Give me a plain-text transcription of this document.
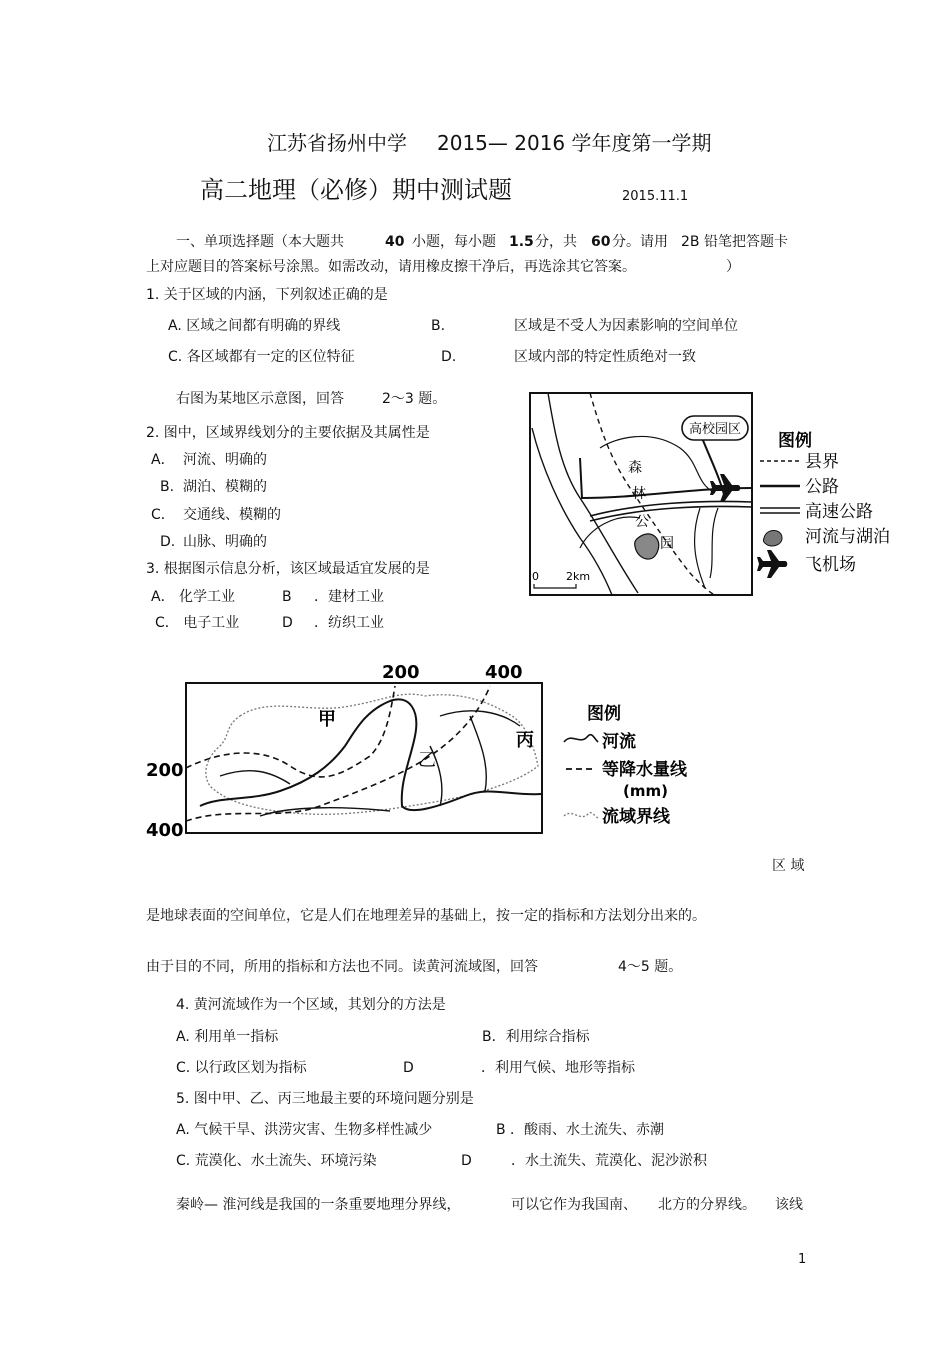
江苏省扬州中学 2015— 2016 学年度第一学期
高二地理（必修）期中测试题	2015.11.1
一、单项选择题（本大题共	40 小题，每小题 1.5 分，共 60 分。请用 2B 铅笔把答题卡
上对应题目的答案标号涂黑。如需改动，请用橡皮擦干净后，再选涂其它答案。	）
1. 关于区域的内涵，下列叙述正确的是
A. 区域之间都有明确的界线	B.	区域是不受人为因素影响的空间单位
C. 各区域都有一定的区位特征	D.	区域内部的特定性质绝对一致
右图为某地区示意图，回答	2～3 题。
2. 图中，区域界线划分的主要依据及其属性是
A． 河流、明确的
B. 湖泊、模糊的
C． 交通线、模糊的
D. 山脉、明确的
3. 根据图示信息分析，该区域最适宜发展的是
A． 化学工业	B ．建材工业
C． 电子工业	D ．纺织工业
高校园区
森
林
公
园
0 2km
图例
县界
公路
高速公路
河流与湖泊
飞机场
200	400
200
400
甲
乙
丙
图例
河流
等降水量线
(mm)
流域界线
区 域
是地球表面的空间单位，它是人们在地理差异的基础上，按一定的指标和方法划分出来的。
由于目的不同，所用的指标和方法也不同。读黄河流域图，回答	4～5 题。
4. 黄河流域作为一个区域，其划分的方法是
A. 利用单一指标	B．利用综合指标
C. 以行政区划为指标	D	．利用气候、地形等指标
5. 图中甲、乙、丙三地最主要的环境问题分别是
A. 气候干旱、洪涝灾害、生物多样性减少	B ．酸雨、水土流失、赤潮
C. 荒漠化、水土流失、环境污染	D	．水土流失、荒漠化、泥沙淤积
秦岭— 淮河线是我国的一条重要地理分界线，	可以它作为我国南、 北方的分界线。 该线
1
